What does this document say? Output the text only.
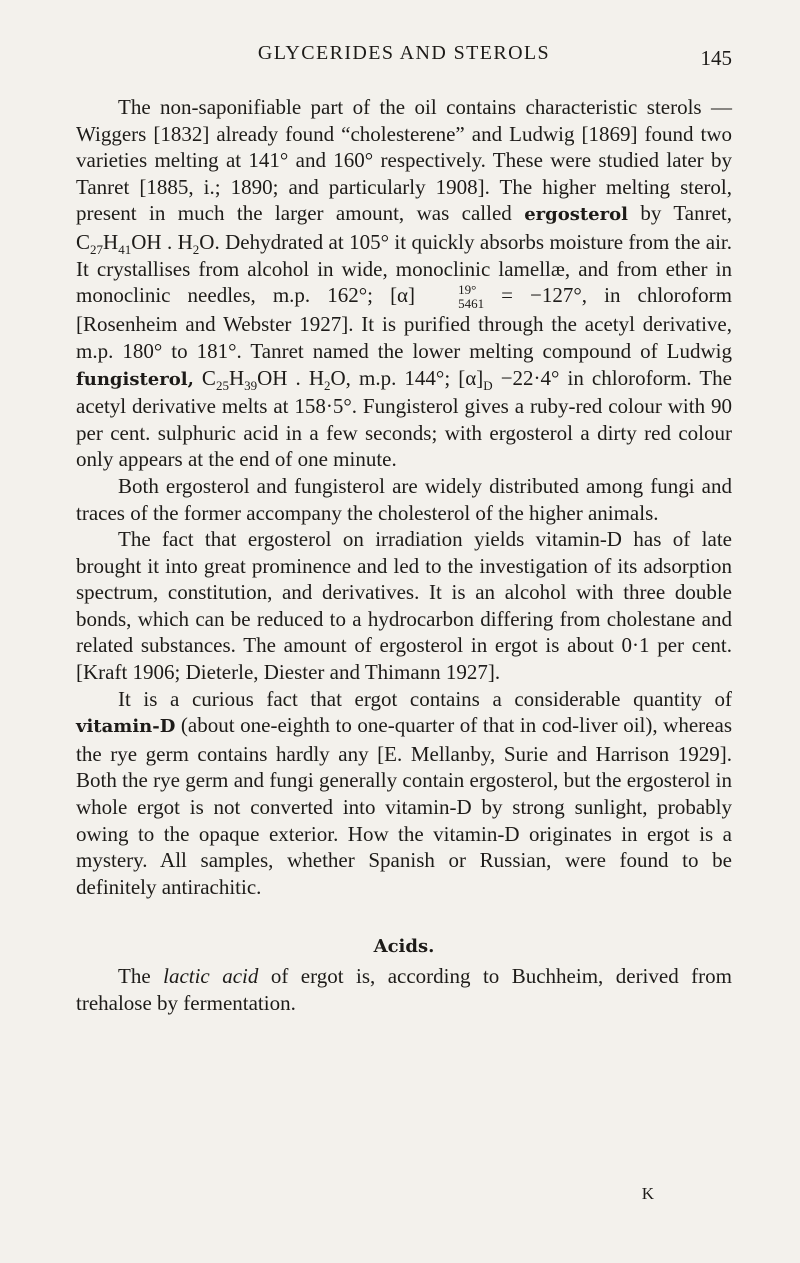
GLYCERIDES AND STEROLS	145

The non-saponifiable part of the oil contains characteristic sterols — Wiggers [1832] already found “cholesterene” and Ludwig [1869] found two varieties melting at 141° and 160° respectively. These were studied later by Tanret [1885, i.; 1890; and particularly 1908]. The higher melting sterol, present in much the larger amount, was called ergosterol by Tanret, $C_{27}H_{41}OH$ . $H_2O$. Dehydrated at 105° it quickly absorbs moisture from the air. It crystallises from alcohol in wide, monoclinic lamellæ, and from ether in monoclinic needles, m.p. 162°; [α]	19°
5461 = −127°, in chloroform [Rosenheim and Webster 1927]. It is purified through the acetyl derivative, m.p. 180° to 181°. Tanret named the lower melting compound of Ludwig fungisterol, $C_{25}H_{39}OH$ . $H_2O$, m.p. 144°; $[\alpha]_D -22\cdot 4^\circ$ in chloroform. The acetyl derivative melts at 158·5°. Fungisterol gives a ruby-red colour with 90 per cent. sulphuric acid in a few seconds; with ergosterol a dirty red colour only appears at the end of one minute.

Both ergosterol and fungisterol are widely distributed among fungi and traces of the former accompany the cholesterol of the higher animals.

The fact that ergosterol on irradiation yields vitamin-D has of late brought it into great prominence and led to the investigation of its adsorption spectrum, constitution, and derivatives. It is an alcohol with three double bonds, which can be reduced to a hydrocarbon differing from cholestane and related substances. The amount of ergosterol in ergot is about 0·1 per cent. [Kraft 1906; Dieterle, Diester and Thimann 1927].

It is a curious fact that ergot contains a considerable quantity of vitamin-D (about one-eighth to one-quarter of that in cod-liver oil), whereas the rye germ contains hardly any [E. Mellanby, Surie and Harrison 1929]. Both the rye germ and fungi generally contain ergosterol, but the ergosterol in whole ergot is not converted into vitamin-D by strong sunlight, probably owing to the opaque exterior. How the vitamin-D originates in ergot is a mystery. All samples, whether Spanish or Russian, were found to be definitely antirachitic.

Acids.

The lactic acid of ergot is, according to Buchheim, derived from trehalose by fermentation.

K
